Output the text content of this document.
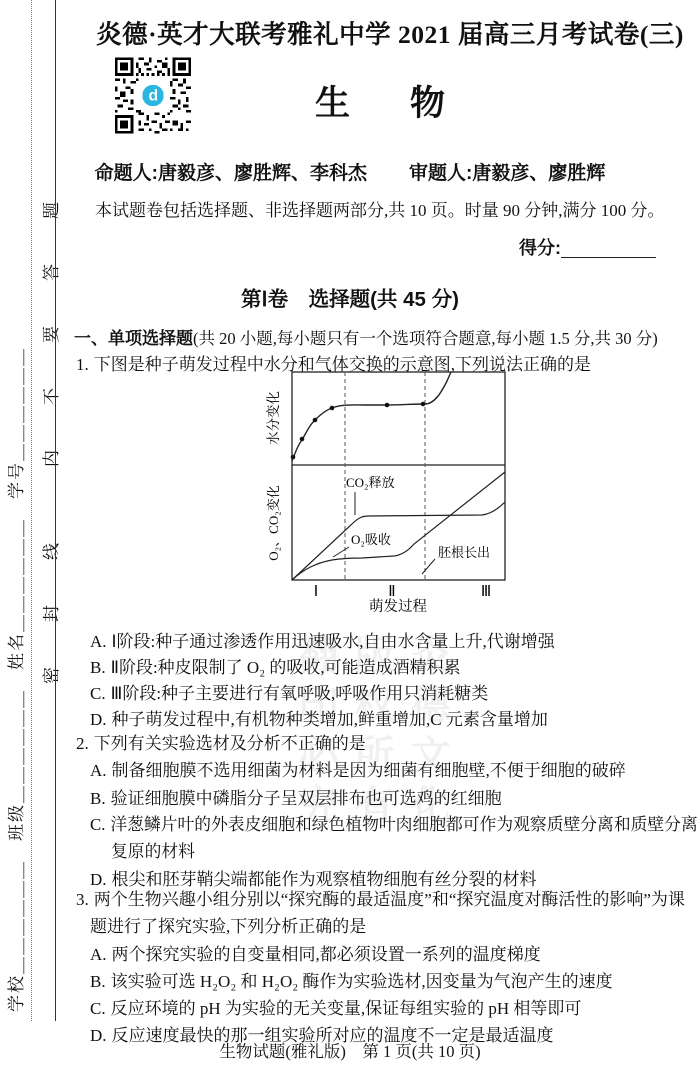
学校＿＿＿＿＿＿　班级＿＿＿＿＿＿　姓名＿＿＿＿＿＿　学号＿＿＿＿＿＿ 密　封　线　　内　不　要　答　题
炎德文化版权所有翻印必究
炎德·英才大联考雅礼中学 2021 届高三月考试卷(三)
d	生物
命题人:唐毅彦、廖胜辉、李科杰 审题人:唐毅彦、廖胜辉
本试题卷包括选择题、非选择题两部分,共 10 页。时量 90 分钟,满分 100 分。
得分:
第Ⅰ卷　选择题(共 45 分)
一、单项选择题(共 20 小题,每小题只有一个选项符合题意,每小题 1.5 分,共 30 分)
1. 下图是种子萌发过程中水分和气体交换的示意图,下列说法正确的是
水分变化
O₂、CO₂变化
CO₂释放
O₂吸收
胚根长出
Ⅰ	Ⅱ	Ⅲ
萌发过程
A. Ⅰ阶段:种子通过渗透作用迅速吸水,自由水含量上升,代谢增强
B. Ⅱ阶段:种皮限制了 O₂ 的吸收,可能造成酒精积累
C. Ⅲ阶段:种子主要进行有氧呼吸,呼吸作用只消耗糖类
D. 种子萌发过程中,有机物种类增加,鲜重增加,C 元素含量增加
2. 下列有关实验选材及分析不正确的是
A. 制备细胞膜不选用细菌为材料是因为细菌有细胞壁,不便于细胞的破碎
B. 验证细胞膜中磷脂分子呈双层排布也可选鸡的红细胞
C. 洋葱鳞片叶的外表皮细胞和绿色植物叶肉细胞都可作为观察质壁分离和质壁分离复原的材料
D. 根尖和胚芽鞘尖端都能作为观察植物细胞有丝分裂的材料
3. 两个生物兴趣小组分别以“探究酶的最适温度”和“探究温度对酶活性的影响”为课题进行了探究实验,下列分析正确的是
A. 两个探究实验的自变量相同,都必须设置一系列的温度梯度
B. 该实验可选 H₂O₂ 和 H₂O₂ 酶作为实验选材,因变量为气泡产生的速度
C. 反应环境的 pH 为实验的无关变量,保证每组实验的 pH 相等即可
D. 反应速度最快的那一组实验所对应的温度不一定是最适温度
生物试题(雅礼版)　第 1 页(共 10 页)
